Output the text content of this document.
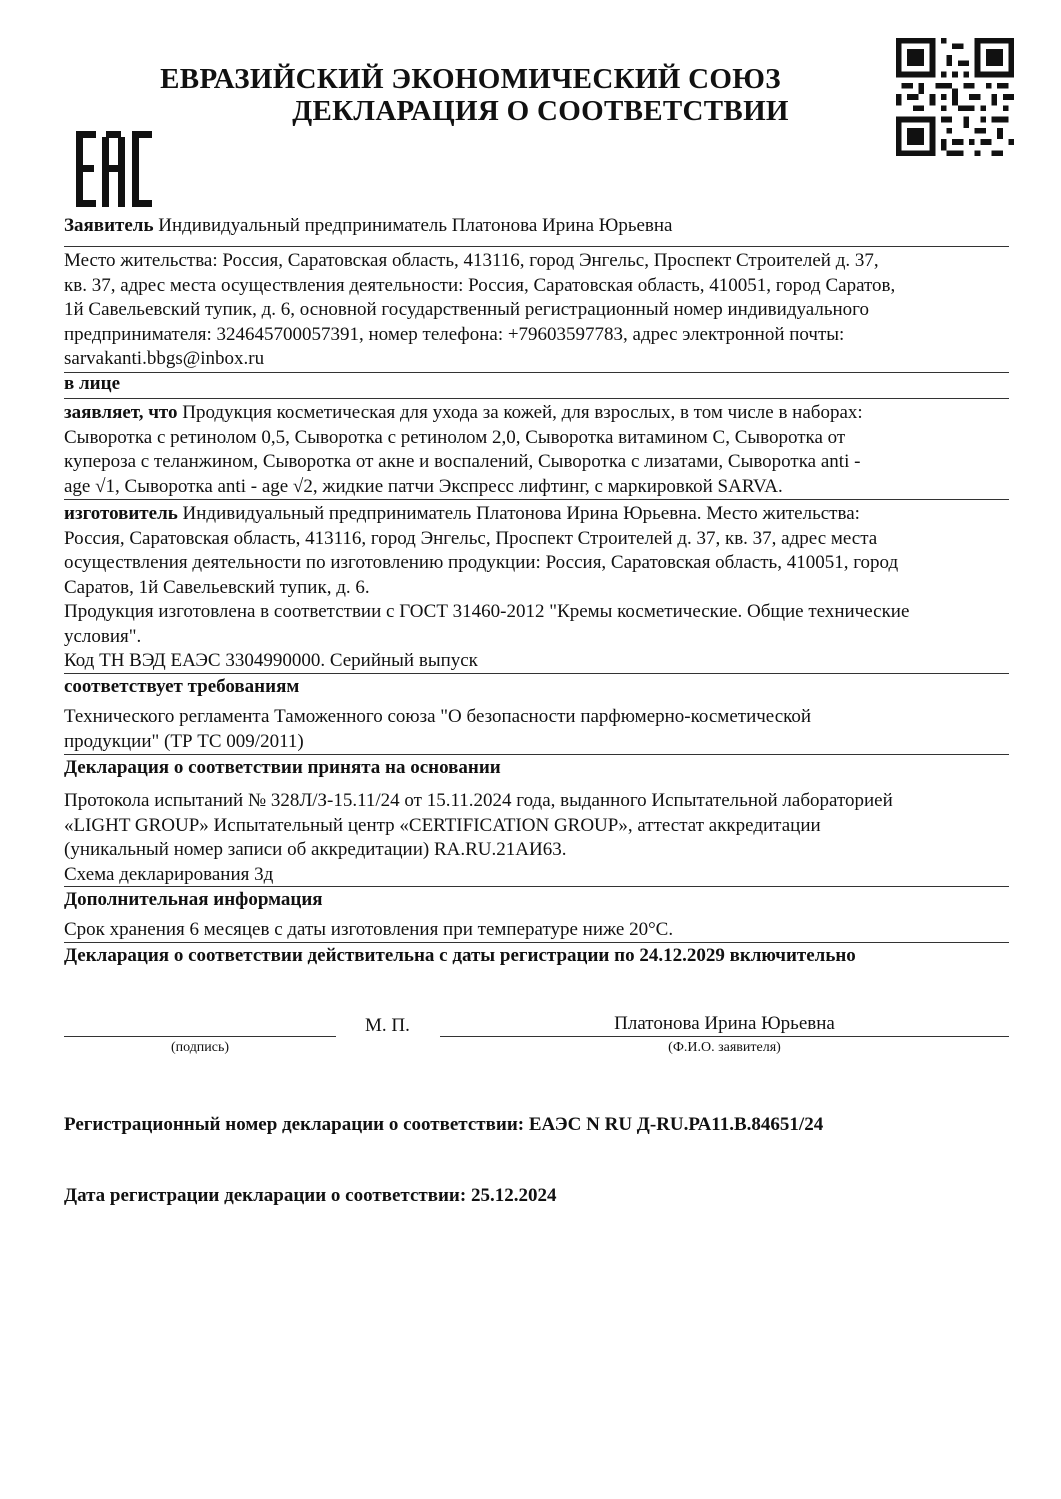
ЕВРАЗИЙСКИЙ ЭКОНОМИЧЕСКИЙ СОЮЗ
ДЕКЛАРАЦИЯ О СООТВЕТСТВИИ
Заявитель Индивидуальный предприниматель Платонова Ирина Юрьевна
Место жительства: Россия, Саратовская область, 413116, город Энгельс, Проспект Строителей д. 37,
кв. 37, адрес места осуществления деятельности: Россия, Саратовская область, 410051, город Саратов,
1й Савельевский тупик, д. 6, основной государственный регистрационный номер индивидуального
предпринимателя: 324645700057391, номер телефона: +79603597783, адрес электронной почты:
sarvakanti.bbgs@inbox.ru
в лице
заявляет, что Продукция косметическая для ухода за кожей, для взрослых, в том числе в наборах:
Сыворотка с ретинолом 0,5, Сыворотка с ретинолом 2,0, Сыворотка витамином С, Сыворотка от
купероза с теланжином, Сыворотка от акне и воспалений, Сыворотка с лизатами, Сыворотка anti -
age √1, Сыворотка anti - age √2, жидкие патчи Экспресс лифтинг, с маркировкой SARVA.
изготовитель Индивидуальный предприниматель Платонова Ирина Юрьевна. Место жительства:
Россия, Саратовская область, 413116, город Энгельс, Проспект Строителей д. 37, кв. 37, адрес места
осуществления деятельности по изготовлению продукции: Россия, Саратовская область, 410051, город
Саратов, 1й Савельевский тупик, д. 6.
Продукция изготовлена в соответствии с ГОСТ 31460-2012 "Кремы косметические. Общие технические
условия".
Код ТН ВЭД ЕАЭС 3304990000. Серийный выпуск
соответствует требованиям
Технического регламента Таможенного союза "О безопасности парфюмерно-косметической
продукции" (ТР ТС 009/2011)
Декларация о соответствии принята на основании
Протокола испытаний № 328Л/З-15.11/24 от 15.11.2024 года, выданного Испытательной лабораторией
«LIGHT GROUP» Испытательный центр «CERTIFICATION GROUP», аттестат аккредитации
(уникальный номер записи об аккредитации) RA.RU.21АИ63.
Схема декларирования 3д
Дополнительная информация
Срок хранения 6 месяцев с даты изготовления при температуре ниже 20°С.
Декларация о соответствии действительна с даты регистрации по 24.12.2029 включительно
М. П.	Платонова Ирина Юрьевна
(подпись)	(Ф.И.О. заявителя)
Регистрационный номер декларации о соответствии: ЕАЭС N RU Д-RU.РА11.В.84651/24
Дата регистрации декларации о соответствии: 25.12.2024
